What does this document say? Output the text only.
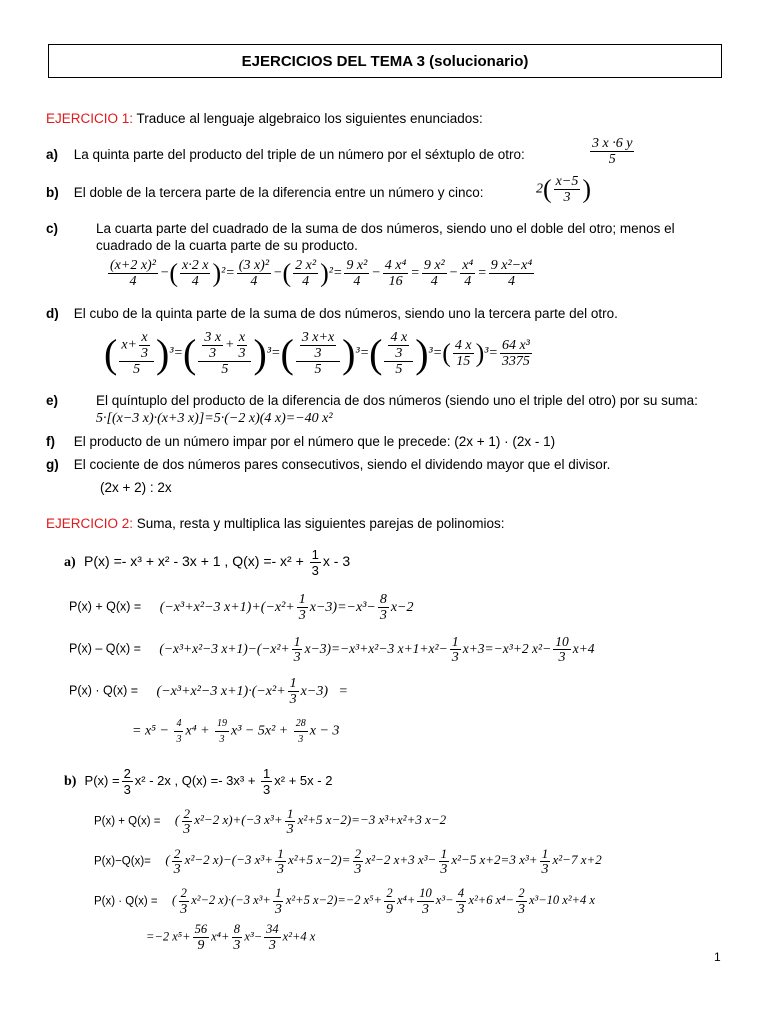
EJERCICIOS DEL TEMA 3 (solucionario)
EJERCICIO 1: Traduce al lenguaje algebraico los siguientes enunciados:
a) La quinta parte del producto del triple de un número por el séxtuplo de otro:	$\frac{3 x \cdot 6 y}{5}$
b) El doble de la tercera parte de la diferencia entre un número y cinco:	$2( \frac{x-5}{3}$ )
c)	La cuarta parte del cuadrado de la suma de dos números, siendo uno el doble del otro; menos el cuadrado de la cuarta parte de su producto.
$\frac{\text{(x+2 x)²}}{4}$ −( $\frac{x\cdot 2 x}{4} )^2= \frac{\text{(3 x)²}}{4}$ −( $\frac{\text{2 x²}}{4} )^2= \frac{\text{9 x²}}{4} - \frac{\text{4 x⁴}}{16} = \frac{\text{9 x²}}{4} - \frac{\text{x⁴}}{4} = \frac{\text{9 x²−x⁴}}{4}$
d) El cubo de la quinta parte de la suma de dos números, siendo uno la tercera parte del otro.
( $\frac{x+ \frac{x}{3}}{5} )^3=( \frac{\frac{3 x}{3} + \frac{x}{3}}{5} )^3=( \frac{\frac{3 x+x}{3}}{5} )^3=( \frac{\frac{4 x}{3}}{5} )^3=( \frac{4 x}{15} )^3= \frac{\text{64 x³}}{3375}$
e)	El quíntuplo del producto de la diferencia de dos números (siendo uno el triple del otro) por su suma: 5·[(x−3 x)·(x+3 x)]=5·(−2 x)(4 x)=−40 x²
f) El producto de un número impar por el número que le precede: (2x + 1) · (2x - 1)
g) El cociente de dos números pares consecutivos, siendo el dividendo mayor que el divisor.
(2x + 2) : 2x
EJERCICIO 2: Suma, resta y multiplica las siguientes parejas de polinomios:
a)  P(x) =- x³ + x² - 3x + 1 , $Q(x) =- x^2 + \frac{1}{3}$ x - 3
P(x) + Q(x) = (−x³+x²−3 $x+1)+(-x^2+ \frac{1}{3} x-3)=-x^3- \frac{8}{3} x-2$
P(x) – Q(x) = (−x³+x²−3 $x+1)-(-x^2+ \frac{1}{3} x-3)=-x^3+x^2-3$ $x+1+x^2- \frac{1}{3} x+3=-x^3+2$ $x^2- \frac{10}{3} x+4$
P(x) · Q(x) = (−x³+x²−3 $x+1)\cdot(-x^2+ \frac{1}{3} x-3)$   =
= $x^5 - \frac{4}{3} x^4 + \frac{19}{3} x^3 - 5x^2 + \frac{28}{3}$ x − 3
b)  $P(x) = \frac{2}{3} x^2 - 2x$ , $Q(x) =- 3x^3 + \frac{1}{3} x^2 + 5x - 2$
P(x) + Q(x) = ( $\frac{2}{3} x^2-2$ x)+(−3 $x^3+ \frac{1}{3} x^2+5$ x−2)=−3 x³+x²+3 x−2
P(x)−Q(x)= ( $\frac{2}{3} x^2-2$ x)−(−3 $x^3+ \frac{1}{3} x^2+5$ $x-2)= \frac{2}{3} x^2-2$ x+3 $x^3- \frac{1}{3} x^2-5$ x+2=3 $x^3+ \frac{1}{3} x^2-7$ x+2
P(x) · Q(x) = ( $\frac{2}{3} x^2-2$ x)·(−3 $x^3+ \frac{1}{3} x^2+5$ x−2)=−2 $x^5+ \frac{2}{9} x^4+ \frac{10}{3} x^3- \frac{4}{3} x^2+6$ $x^4- \frac{2}{3} x^3-10$ x²+4 x
=−2 $x^5+ \frac{56}{9} x^4+ \frac{8}{3} x^3- \frac{34}{3} x^2+4$ x
1
